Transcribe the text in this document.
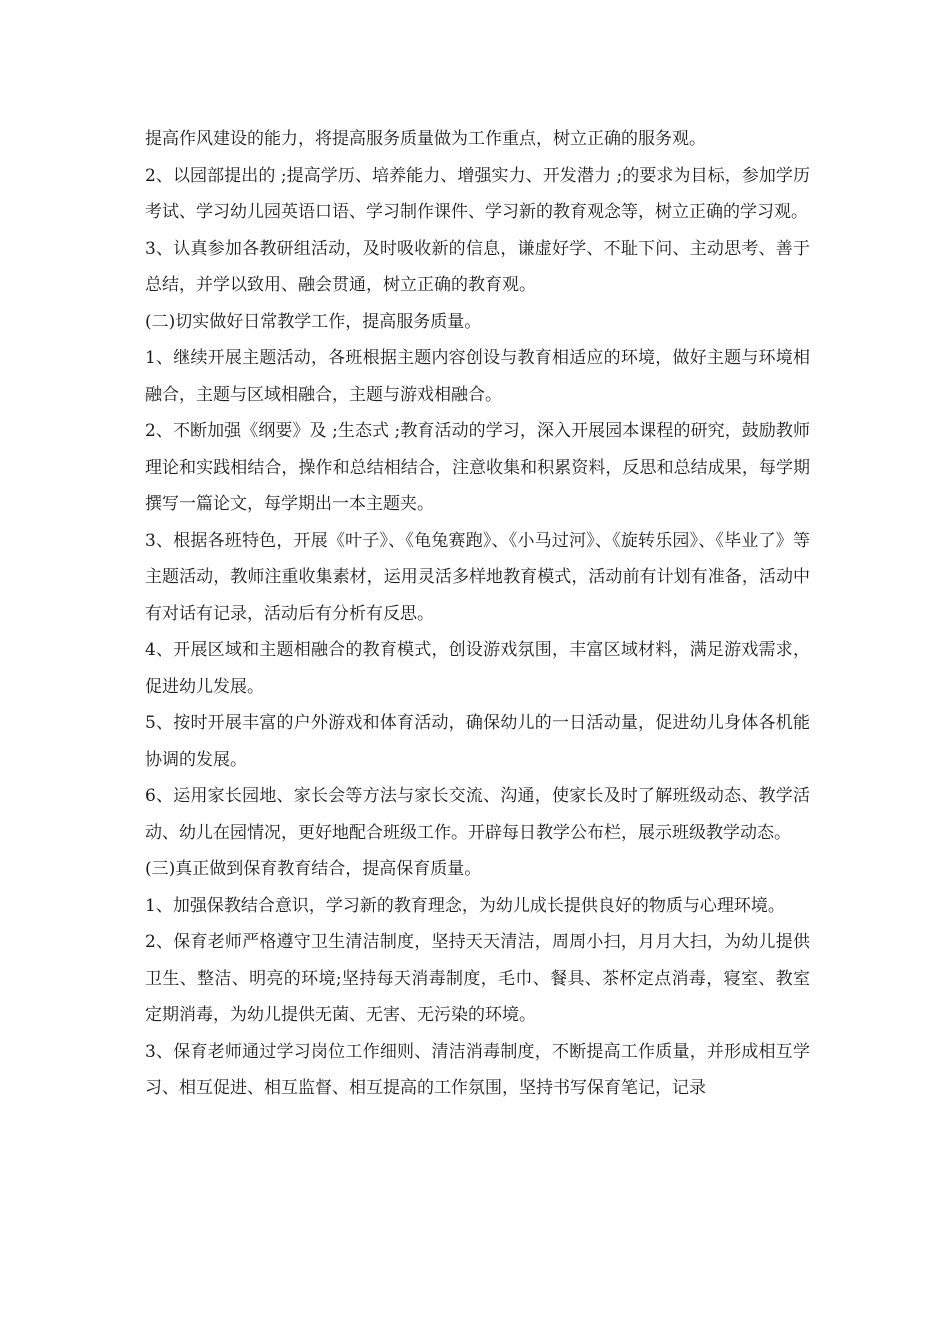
提高作风建设的能力，将提高服务质量做为工作重点，树立正确的服务观。

2、以园部提出的 ;提高学历、培养能力、增强实力、开发潜力 ;的要求为目标，参加学历考试、学习幼儿园英语口语、学习制作课件、学习新的教育观念等，树立正确的学习观。

3、认真参加各教研组活动，及时吸收新的信息，谦虚好学、不耻下问、主动思考、善于总结，并学以致用、融会贯通，树立正确的教育观。

(二)切实做好日常教学工作，提高服务质量。

1、继续开展主题活动，各班根据主题内容创设与教育相适应的环境，做好主题与环境相融合，主题与区域相融合，主题与游戏相融合。

2、不断加强《纲要》及 ;生态式 ;教育活动的学习，深入开展园本课程的研究，鼓励教师理论和实践相结合，操作和总结相结合，注意收集和积累资料，反思和总结成果，每学期撰写一篇论文，每学期出一本主题夹。

3、根据各班特色，开展《叶子》、《龟兔赛跑》、《小马过河》、《旋转乐园》、《毕业了》等主题活动，教师注重收集素材，运用灵活多样地教育模式，活动前有计划有准备，活动中有对话有记录，活动后有分析有反思。

4、开展区域和主题相融合的教育模式，创设游戏氛围，丰富区域材料，满足游戏需求，促进幼儿发展。

5、按时开展丰富的户外游戏和体育活动，确保幼儿的一日活动量，促进幼儿身体各机能协调的发展。

6、运用家长园地、家长会等方法与家长交流、沟通，使家长及时了解班级动态、教学活动、幼儿在园情况，更好地配合班级工作。开辟每日教学公布栏，展示班级教学动态。

(三)真正做到保育教育结合，提高保育质量。

1、加强保教结合意识，学习新的教育理念，为幼儿成长提供良好的物质与心理环境。

2、保育老师严格遵守卫生清洁制度，坚持天天清洁，周周小扫，月月大扫，为幼儿提供卫生、整洁、明亮的环境;坚持每天消毒制度，毛巾、餐具、茶杯定点消毒，寝室、教室定期消毒，为幼儿提供无菌、无害、无污染的环境。

3、保育老师通过学习岗位工作细则、清洁消毒制度，不断提高工作质量，并形成相互学习、相互促进、相互监督、相互提高的工作氛围，坚持书写保育笔记，记录
